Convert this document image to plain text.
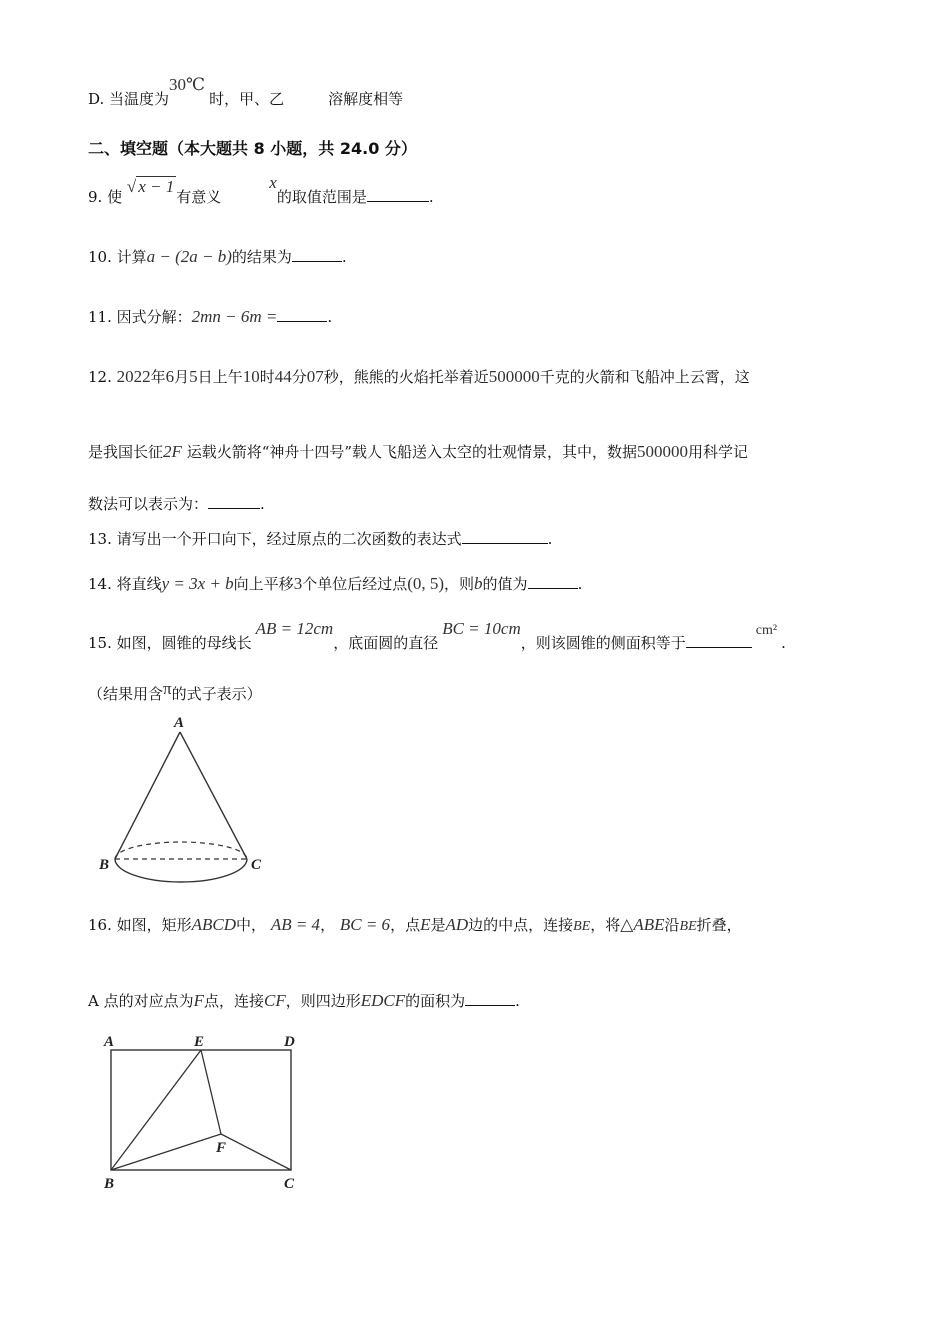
D. 当温度为30℃时，甲、乙	溶解度相等
二、填空题（本大题共 8 小题，共 24.0 分）
9. 使 √ x − 1有意义x的取值范围是	.
10. 计算a − (2a − b)的结果为	.
11. 因式分解：2mn − 6m =	.
12. 2022年6月5日上午10时44分07秒，熊熊的火焰托举着近500000千克的火箭和飞船冲上云霄，这
是我国长征2F 运载火箭将“神舟十四号”载人飞船送入太空的壮观情景，其中，数据500000用科学记
数法可以表示为：	.
13. 请写出一个开口向下，经过原点的二次函数的表达式	.
14. 将直线y = 3x + b向上平移3个单位后经过点(0, 5)，则b的值为	.
15. 如图，圆锥的母线长AB = 12cm，底面圆的直径BC = 10cm，则该圆锥的侧面积等于cm².
（结果用含π的式子表示）
A
B	C
16. 如图，矩形ABCD中， AB = 4， BC = 6，点E是AD边的中点，连接BE，将△ABE沿BE折叠，
A 点的对应点为F点，连接CF，则四边形EDCF的面积为	.
A	E	D
B	C
F
